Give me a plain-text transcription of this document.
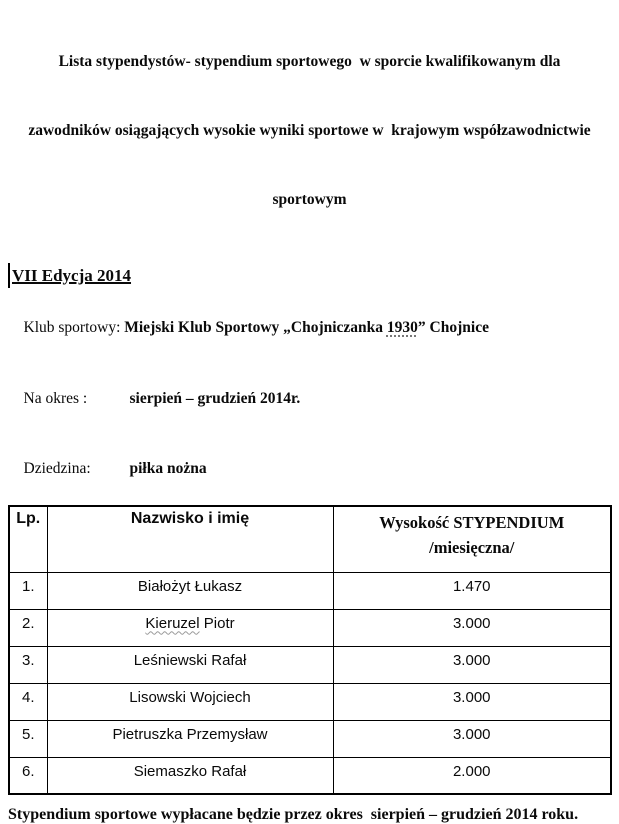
Lista stypendystów- stypendium sportowego  w sporcie kwalifikowanym dla

zawodników osiągających wysokie wyniki sportowe w  krajowym współzawodnictwie

sportowym

VII Edycja 2014

Klub sportowy: Miejski Klub Sportowy „Chojniczanka 1930” Chojnice

Na okres :	sierpień – grudzień 2014r.

Dziedzina:	piłka nożna

Lp.	Nazwisko i imię	Wysokość STYPENDIUM
/miesięczna/

1.	Białożyt Łukasz	1.470
2.	Kieruzel Piotr	3.000
3.	Leśniewski Rafał	3.000
4.	Lisowski Wojciech	3.000
5.	Pietruszka Przemysław	3.000
6.	Siemaszko Rafał	2.000
Stypendium sportowe wypłacane będzie przez okres  sierpień – grudzień 2014 roku.
